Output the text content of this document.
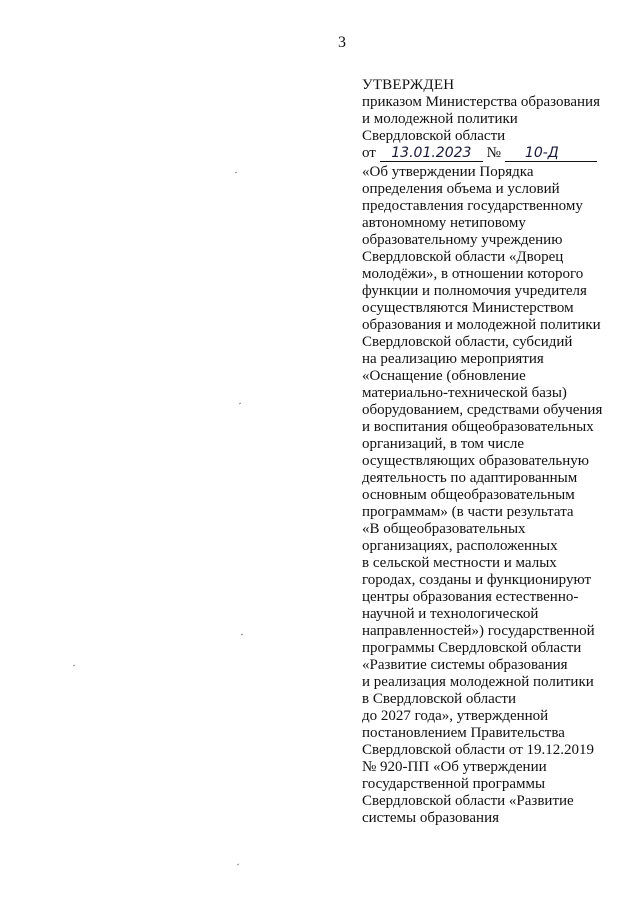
3
УТВЕРЖДЕН
приказом Министерства образования
и молодежной политики
Свердловской области
от 13.01.2023 № 10-Д
«Об утверждении Порядка
определения объема и условий
предоставления государственному
автономному нетиповому
образовательному учреждению
Свердловской области «Дворец
молодёжи», в отношении которого
функции и полномочия учредителя
осуществляются Министерством
образования и молодежной политики
Свердловской области, субсидий
на реализацию мероприятия
«Оснащение (обновление
материально-технической базы)
оборудованием, средствами обучения
и воспитания общеобразовательных
организаций, в том числе
осуществляющих образовательную
деятельность по адаптированным
основным общеобразовательным
программам» (в части результата
«В общеобразовательных
организациях, расположенных
в сельской местности и малых
городах, созданы и функционируют
центры образования естественно-
научной и технологической
направленностей») государственной
программы Свердловской области
«Развитие системы образования
и реализация молодежной политики
в Свердловской области
до 2027 года», утвержденной
постановлением Правительства
Свердловской области от 19.12.2019
№ 920-ПП «Об утверждении
государственной программы
Свердловской области «Развитие
системы образования
